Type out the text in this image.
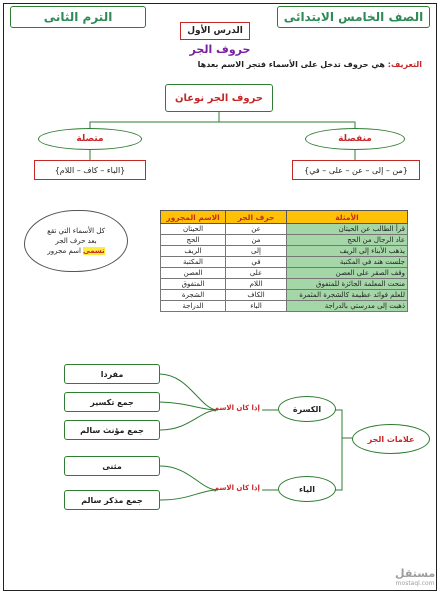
الصف الخامس الابتدائى
الترم الثانى
الدرس الأول
حروف الجر
التعريف: هي حروف تدخل على الأسماء فتجر الاسم بعدها
حروف الجر نوعان
منفصلة
متصلة
{من – إلى – عن – على – في}
{الباء – كاف – اللام}
كل الأسماء التي تقع
بعد حرف الجر
تسمى اسم مجرور
الأمثلة	حرف الجر	الاسم المجرور
قرأ الطالب عن الحيتان	عن	الحيتان
عاد الرجال من الحج	من	الحج
يذهب الأبناء إلى الريف	إلى	الريف
جلست هند في المكتبة	في	المكتبة
وقف الصقر على العصن	على	العصن
منحت المعلمة الجائزة للمتفوق	اللام	المتفوق
للعلم فوائد عظيمة كالشجرة المثمرة	الكاف	الشجرة
ذهبت إلى مدرستي بالدراجة	الباء	الدراجة
علامات الجر
الكسرة
الياء
إذا كان الاسم
إذا كان الاسم
مفردا
جمع تكسير
جمع مؤنث سالم
مثنى
جمع مذكر سالم
مستقل
mostaql.com
